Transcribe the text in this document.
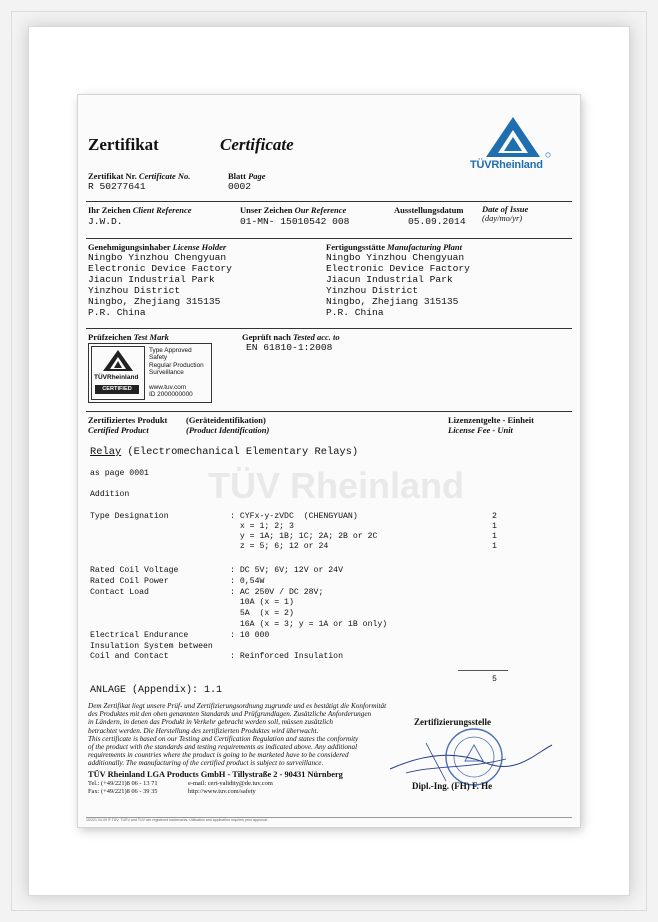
TÜV Rheinland
Zertifikat	Certificate
TÜVRheinland
Zertifikat Nr. Certificate No.
R 50277641
Blatt Page
0002
Ihr Zeichen Client Reference
J.W.D.
Unser Zeichen Our Reference
01-MN- 15010542 008
Ausstellungsdatum Date of Issue
(day/mo/yr)
05.09.2014
Genehmigungsinhaber License Holder
Ningbo Yinzhou Chengyuan
Electronic Device Factory
Jiacun Industrial Park
Yinzhou District
Ningbo, Zhejiang 315135
P.R. China
Fertigungsstätte Manufacturing Plant
Ningbo Yinzhou Chengyuan
Electronic Device Factory
Jiacun Industrial Park
Yinzhou District
Ningbo, Zhejiang 315135
P.R. China
Prüfzeichen Test Mark
TÜVRheinland
CERTIFIED
Type Approved
Safety
Regular Production
Surveillance
www.tuv.com
ID 2000000000
Geprüft nach Tested acc. to
EN 61810-1:2008
Zertifiziertes Produkt
Certified Product
(Geräteidentifikation)
(Product Identification)
Lizenzentgelte - Einheit
License Fee - Unit
Relay (Electromechanical Elementary Relays)
as page 0001
Addition
Type Designation	: CYFx-y-zVDC  (CHENGYUAN)	2
x = 1; 2; 3	1
y = 1A; 1B; 1C; 2A; 2B or 2C	1
z = 5; 6; 12 or 24	1
Rated Coil Voltage	: DC 5V; 6V; 12V or 24V
Rated Coil Power	: 0,54W
Contact Load	: AC 250V / DC 28V;
10A (x = 1)
5A  (x = 2)
16A (x = 3; y = 1A or 1B only)
Electrical Endurance	: 10 000
Insulation System between
Coil and Contact	: Reinforced Insulation
5
ANLAGE (Appendix): 1.1
Dem Zertifikat liegt unsere Prüf- und Zertifizierungsordnung zugrunde und es bestätigt die Konformität
des Produktes mit den oben genannten Standards und Prüfgrundlagen. Zusätzliche Anforderungen
in Ländern, in denen das Produkt in Verkehr gebracht werden soll, müssen zusätzlich
betrachtet werden. Die Herstellung des zertifizierten Produktes wird überwacht.
This certificate is based on our Testing and Certification Regulation and states the conformity
of the product with the standards and testing requirements as indicated above. Any additional
requirements in countries where the product is going to be marketed have to be considered
additionally. The manufacturing of the certified product is subject to surveillance.
TÜV Rheinland LGA Products GmbH - Tillystraße 2 - 90431 Nürnberg
Tel.: (+49/221)8 06 - 13 71	e-mail: cert-validity@de.tuv.com
Fax: (+49/221)8 06 - 39 35	http://www.tuv.com/safety
Zertifizierungsstelle
Dipl.-Ing. (FH) F. He
10/221 04.09 ® TÜV, TUEV and TUV are registered trademarks. Utilisation and application requires prior approval.
